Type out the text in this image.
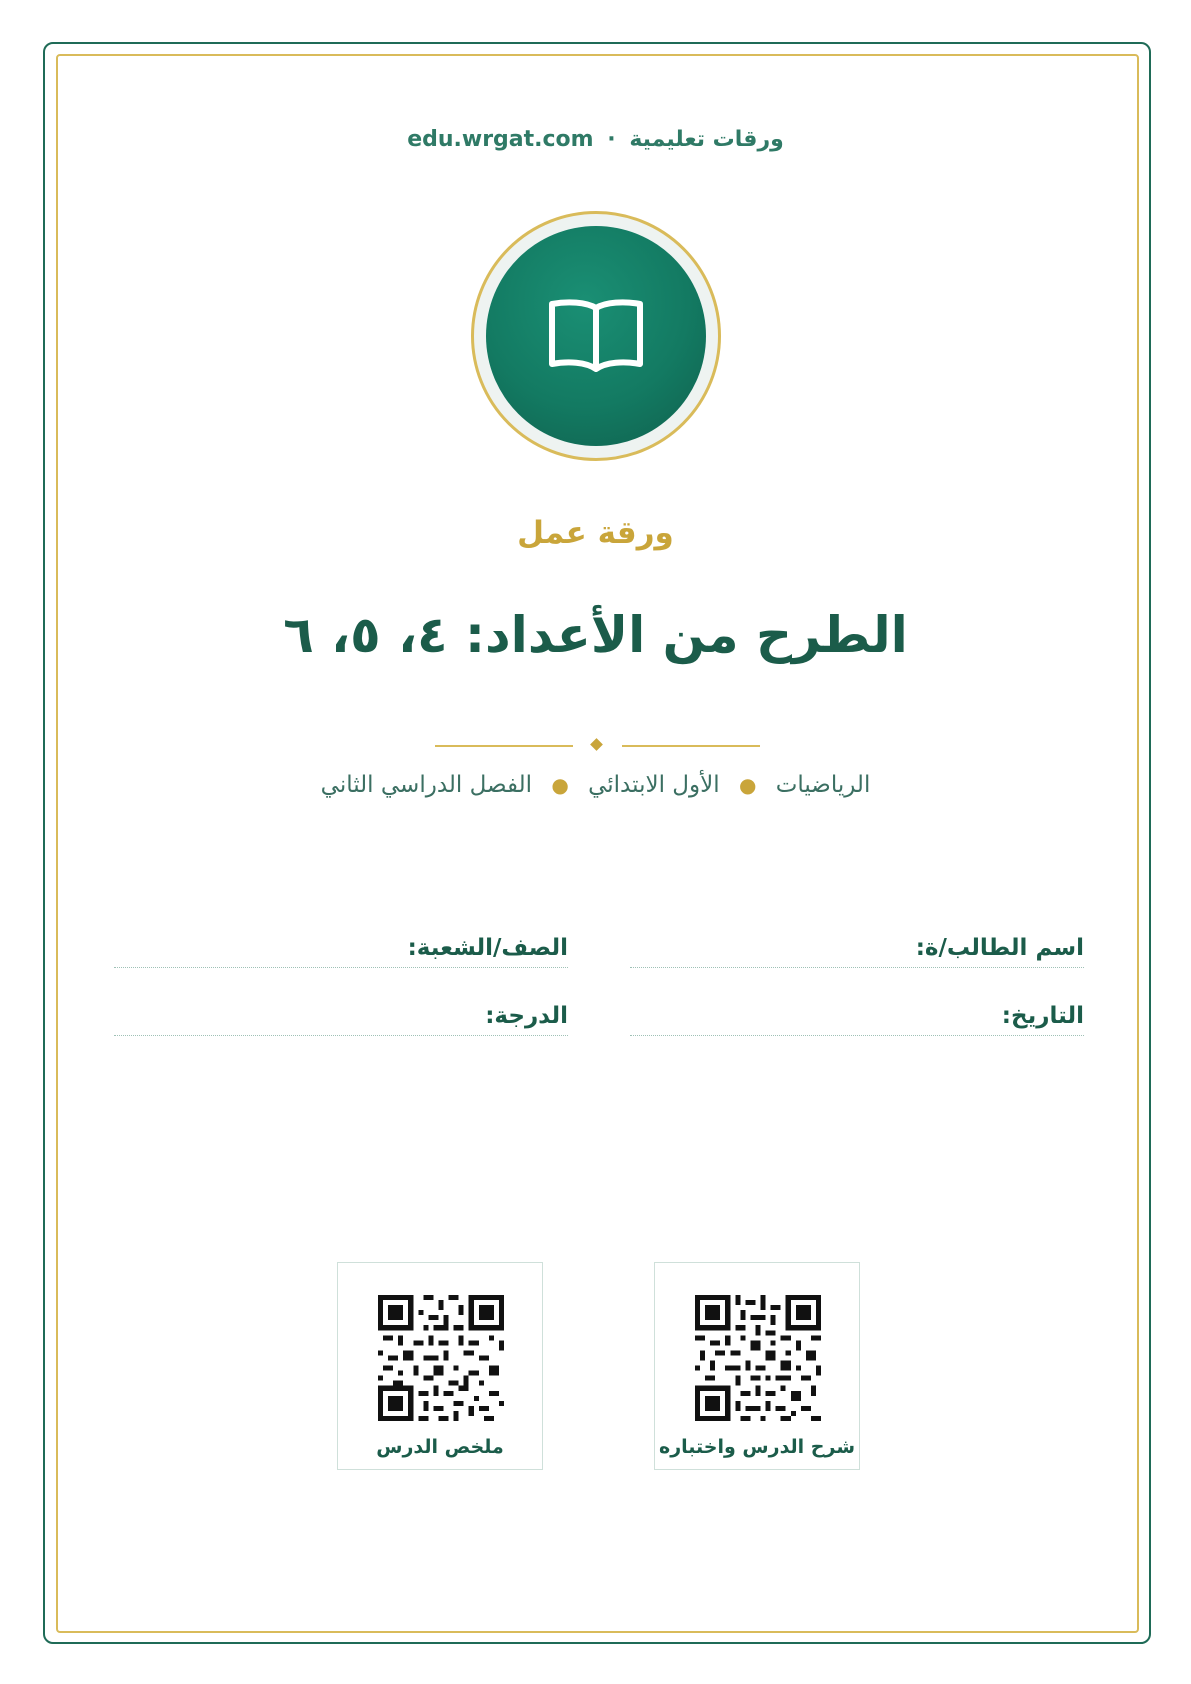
ورقات تعليمية · edu.wrgat.com
ورقة عمل
الطرح من الأعداد: ٤، ٥، ٦
الرياضيات ● الأول الابتدائي ● الفصل الدراسي الثاني
اسم الطالب/ة:
الصف/الشعبة:
التاريخ:
الدرجة:
شرح الدرس واختباره
ملخص الدرس
